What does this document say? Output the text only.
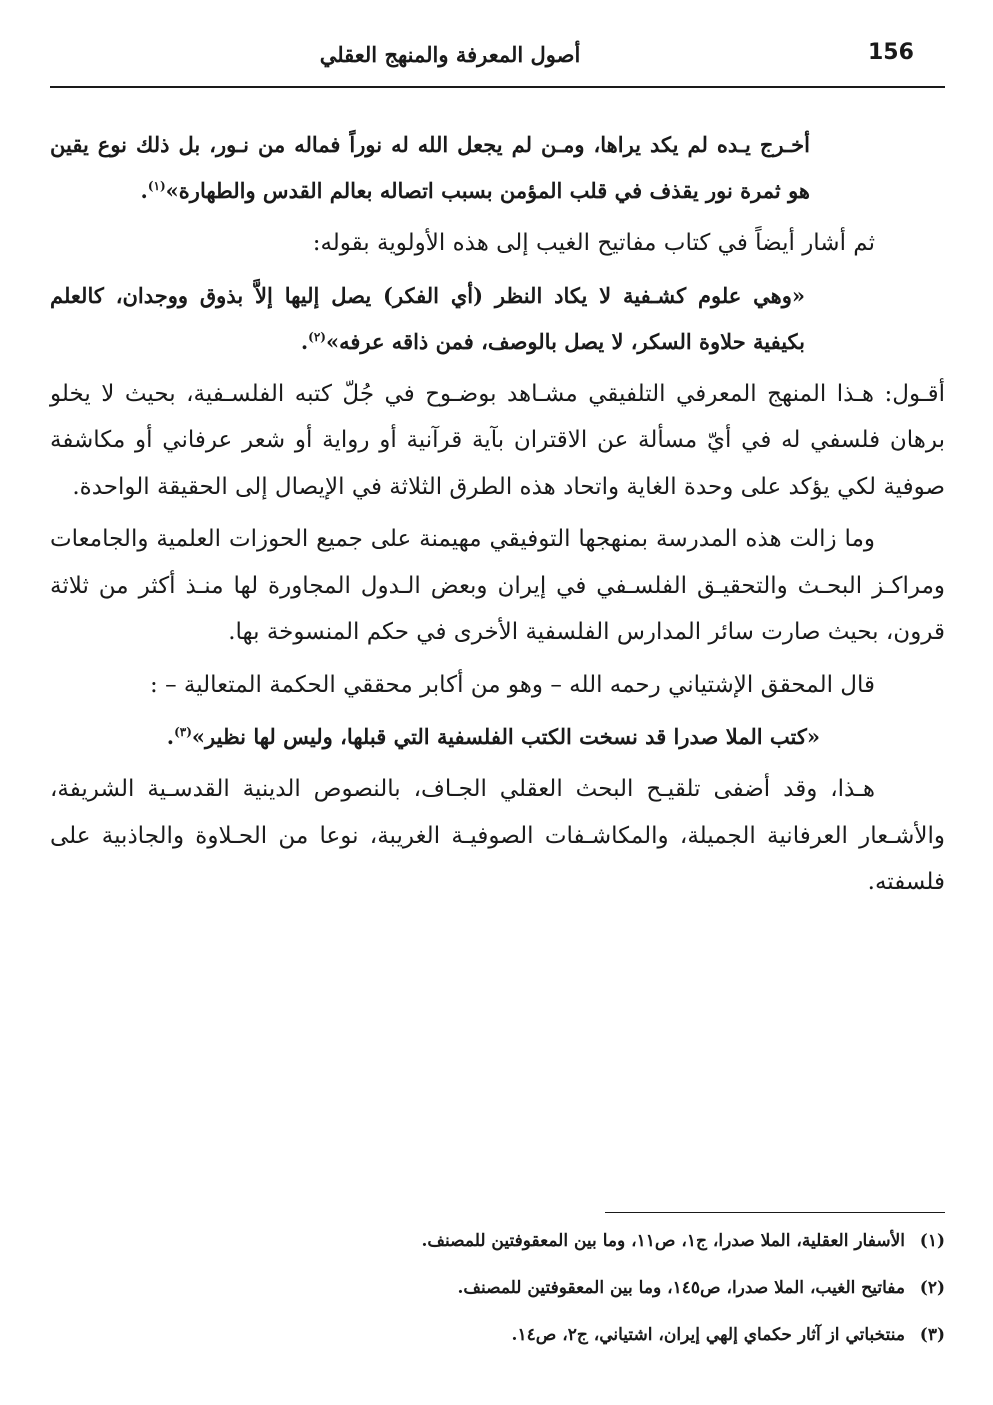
156
أصول المعرفة والمنهج العقلي

أخـرج يـده لم يكد يراها، ومـن لم يجعل الله له نوراً فماله من نـور، بل ذلك نوع يقين هو ثمرة نور يقذف في قلب المؤمن بسبب اتصاله بعالم القدس والطهارة»$^{(١)}$.

ثم أشار أيضاً في كتاب مفاتيح الغيب إلى هذه الأولوية بقوله:

«وهي علوم كشـفية لا يكاد النظر (أي الفكر) يصل إليها إلاَّ بذوق ووجدان، كالعلم بكيفية حلاوة السكر، لا يصل بالوصف، فمن ذاقه عرفه»$^{(٢)}$.

أقـول: هـذا المنهج المعرفي التلفيقي مشـاهد بوضـوح في جُلّ كتبه الفلسـفية، بحيث لا يخلو برهان فلسفي له في أيّ مسألة عن الاقتران بآية قرآنية أو رواية أو شعر عرفاني أو مكاشفة صوفية لكي يؤكد على وحدة الغاية واتحاد هذه الطرق الثلاثة في الإيصال إلى الحقيقة الواحدة.

وما زالت هذه المدرسة بمنهجها التوفيقي مهيمنة على جميع الحوزات العلمية والجامعات ومراكـز البحـث والتحقيـق الفلسـفي في إيران وبعض الـدول المجاورة لها منـذ أكثر من ثلاثة قرون، بحيث صارت سائر المدارس الفلسفية الأخرى في حكم المنسوخة بها.

قال المحقق الإشتياني رحمه الله – وهو من أكابر محققي الحكمة المتعالية – :

«كتب الملا صدرا قد نسخت الكتب الفلسفية التي قبلها، وليس لها نظير»$^{(٣)}$.

هـذا، وقد أضفى تلقيـح البحث العقلي الجـاف، بالنصوص الدينية القدسـية الشريفة، والأشـعار العرفانية الجميلة، والمكاشـفات الصوفيـة الغريبة، نوعا من الحـلاوة والجاذبية على فلسفته.

(١)الأسفار العقلية، الملا صدرا، ج١، ص١١، وما بين المعقوفتين للمصنف.
(٢)مفاتيح الغيب، الملا صدرا، ص١٤٥، وما بين المعقوفتين للمصنف.
(٣)منتخباتي از آثار حكماي إلهي إيران، اشتياني، ج٢، ص١٤.
